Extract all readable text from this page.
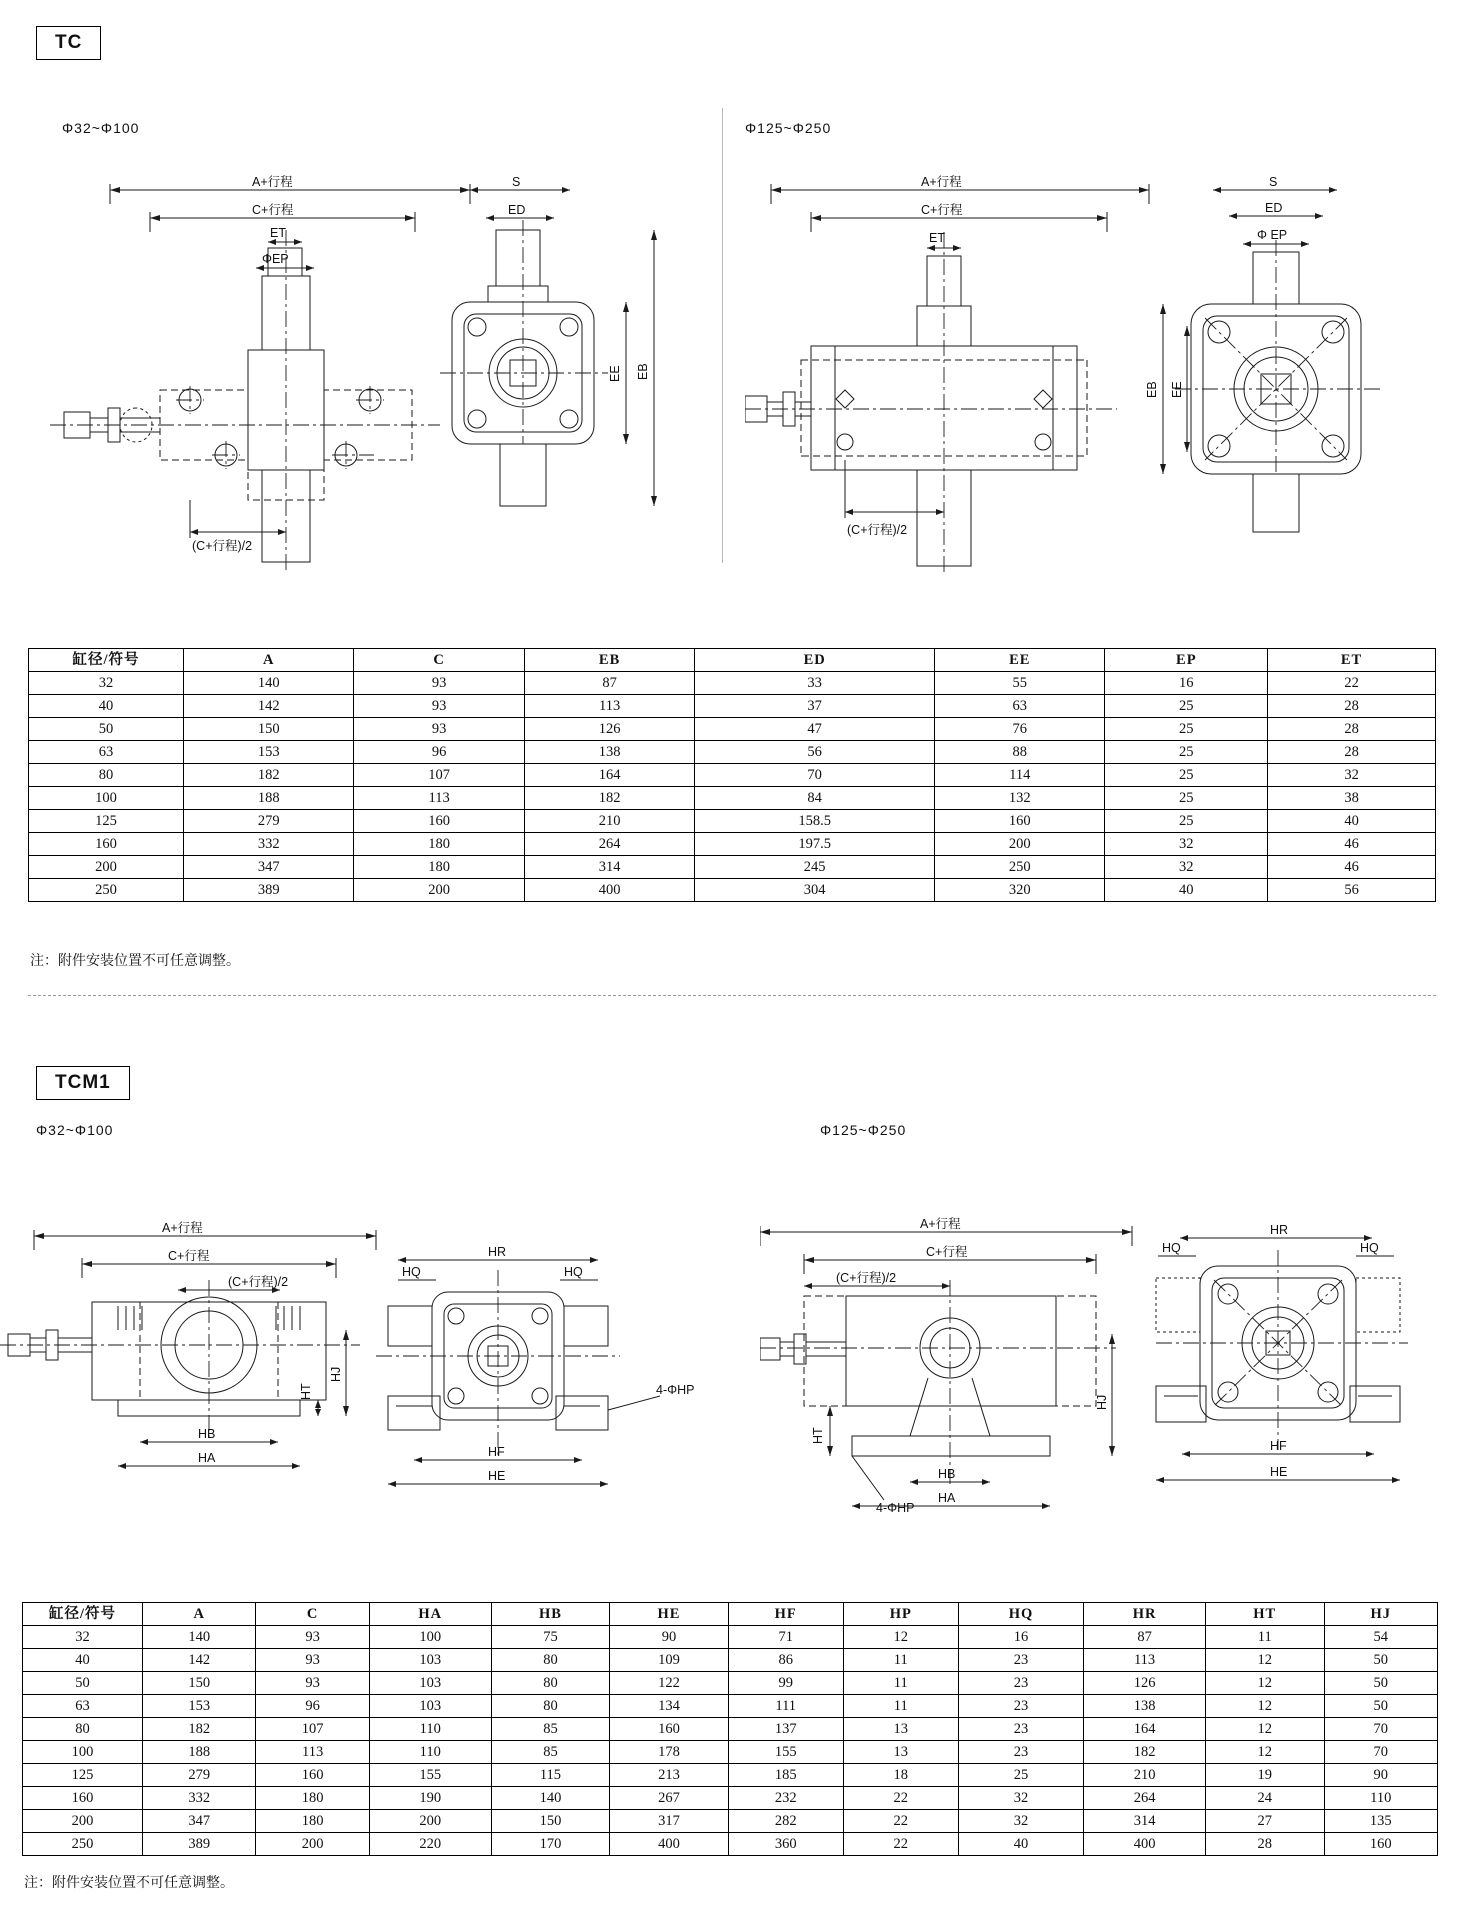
TC
Φ32~Φ100	Φ125~Φ250
A+行程
C+行程
ET
ΦEP
(C+行程)/2
S
ED
EE EB
A+行程
C+行程
ET
(C+行程)/2
S
ED
Φ EP
EB EE
缸径/符号	A	C	EB	ED	EE	EP	ET
32	140	93	87	33	55	16	22
40	142	93	113	37	63	25	28
50	150	93	126	47	76	25	28
63	153	96	138	56	88	25	28
80	182	107	164	70	114	25	32
100	188	113	182	84	132	25	38
125	279	160	210	158.5	160	25	40
160	332	180	264	197.5	200	32	46
200	347	180	314	245	250	32	46
250	389	200	400	304	320	40	56
注：附件安装位置不可任意调整。
TCM1
Φ32~Φ100	Φ125~Φ250
A+行程
C+行程
(C+行程)/2
HB
HA
HT
HJ
HQ	HQ
HR
HF
HE
4-ΦHP
A+行程
C+行程
(C+行程)/2
HT
HJ
HB
HA
4-ΦHP
HQ	HQ
HR
HF
HE
缸径/符号	A	C	HA	HB	HE	HF	HP	HQ	HR	HT	HJ
32	140	93	100	75	90	71	12	16	87	11	54
40	142	93	103	80	109	86	11	23	113	12	50
50	150	93	103	80	122	99	11	23	126	12	50
63	153	96	103	80	134	111	11	23	138	12	50
80	182	107	110	85	160	137	13	23	164	12	70
100	188	113	110	85	178	155	13	23	182	12	70
125	279	160	155	115	213	185	18	25	210	19	90
160	332	180	190	140	267	232	22	32	264	24	110
200	347	180	200	150	317	282	22	32	314	27	135
250	389	200	220	170	400	360	22	40	400	28	160
注：附件安装位置不可任意调整。
